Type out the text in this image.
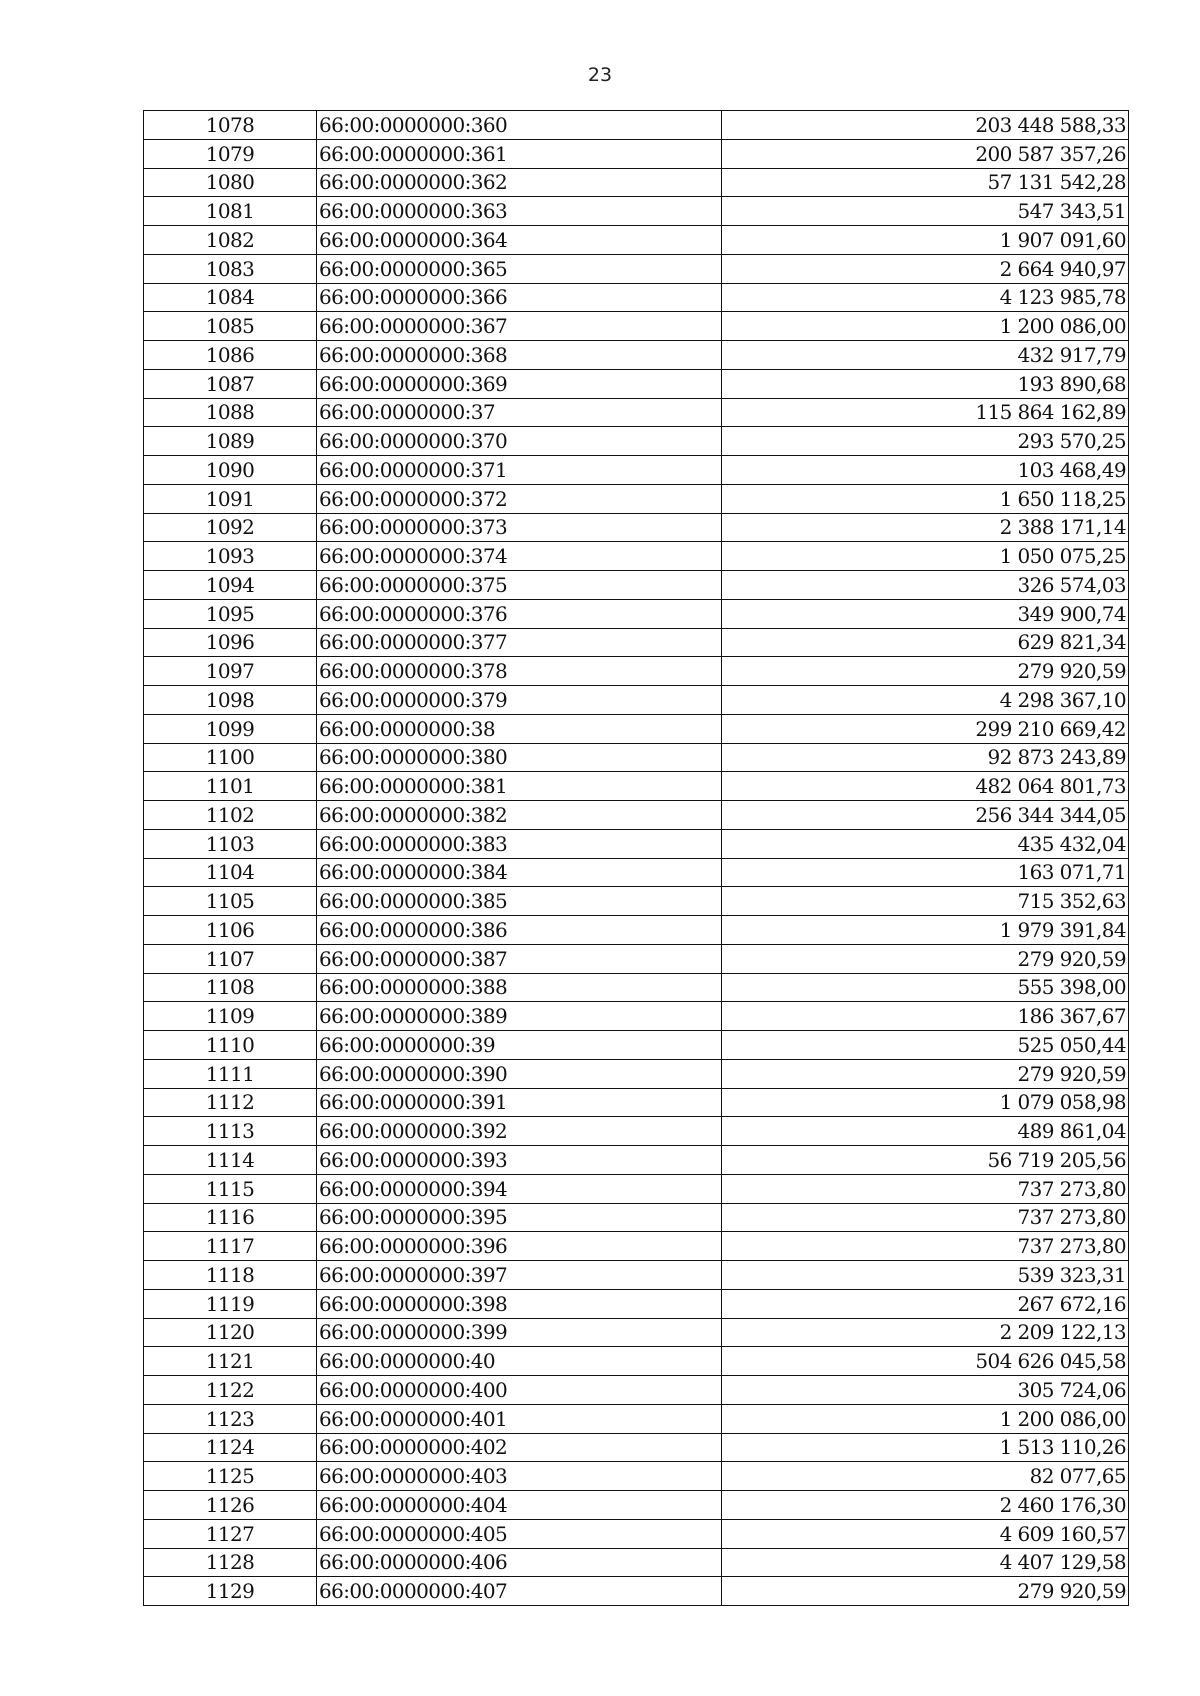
23
1078	66:00:0000000:360	203 448 588,33
1079	66:00:0000000:361	200 587 357,26
1080	66:00:0000000:362	57 131 542,28
1081	66:00:0000000:363	547 343,51
1082	66:00:0000000:364	1 907 091,60
1083	66:00:0000000:365	2 664 940,97
1084	66:00:0000000:366	4 123 985,78
1085	66:00:0000000:367	1 200 086,00
1086	66:00:0000000:368	432 917,79
1087	66:00:0000000:369	193 890,68
1088	66:00:0000000:37	115 864 162,89
1089	66:00:0000000:370	293 570,25
1090	66:00:0000000:371	103 468,49
1091	66:00:0000000:372	1 650 118,25
1092	66:00:0000000:373	2 388 171,14
1093	66:00:0000000:374	1 050 075,25
1094	66:00:0000000:375	326 574,03
1095	66:00:0000000:376	349 900,74
1096	66:00:0000000:377	629 821,34
1097	66:00:0000000:378	279 920,59
1098	66:00:0000000:379	4 298 367,10
1099	66:00:0000000:38	299 210 669,42
1100	66:00:0000000:380	92 873 243,89
1101	66:00:0000000:381	482 064 801,73
1102	66:00:0000000:382	256 344 344,05
1103	66:00:0000000:383	435 432,04
1104	66:00:0000000:384	163 071,71
1105	66:00:0000000:385	715 352,63
1106	66:00:0000000:386	1 979 391,84
1107	66:00:0000000:387	279 920,59
1108	66:00:0000000:388	555 398,00
1109	66:00:0000000:389	186 367,67
1110	66:00:0000000:39	525 050,44
1111	66:00:0000000:390	279 920,59
1112	66:00:0000000:391	1 079 058,98
1113	66:00:0000000:392	489 861,04
1114	66:00:0000000:393	56 719 205,56
1115	66:00:0000000:394	737 273,80
1116	66:00:0000000:395	737 273,80
1117	66:00:0000000:396	737 273,80
1118	66:00:0000000:397	539 323,31
1119	66:00:0000000:398	267 672,16
1120	66:00:0000000:399	2 209 122,13
1121	66:00:0000000:40	504 626 045,58
1122	66:00:0000000:400	305 724,06
1123	66:00:0000000:401	1 200 086,00
1124	66:00:0000000:402	1 513 110,26
1125	66:00:0000000:403	82 077,65
1126	66:00:0000000:404	2 460 176,30
1127	66:00:0000000:405	4 609 160,57
1128	66:00:0000000:406	4 407 129,58
1129	66:00:0000000:407	279 920,59
